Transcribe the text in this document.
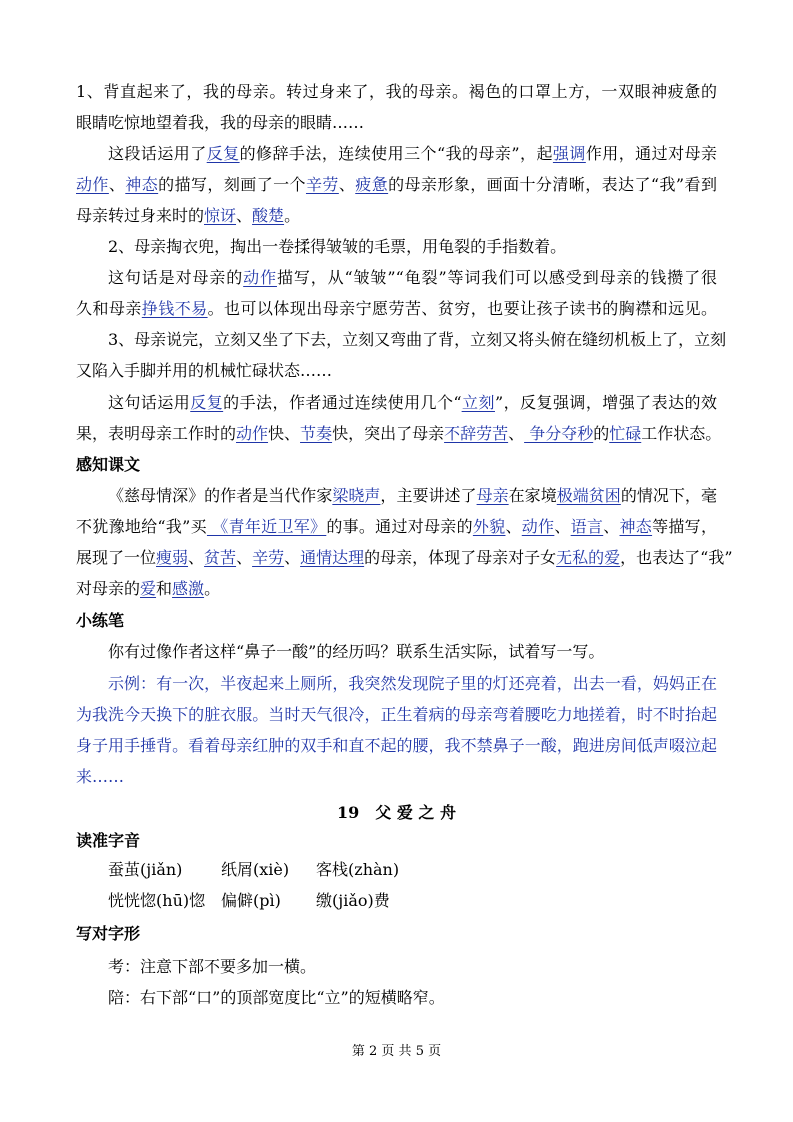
1、背直起来了，我的母亲。转过身来了，我的母亲。褐色的口罩上方，一双眼神疲惫的
眼睛吃惊地望着我，我的母亲的眼睛……
这段话运用了反复的修辞手法，连续使用三个“我的母亲”，起强调作用，通过对母亲
动作、神态的描写，刻画了一个辛劳、疲惫的母亲形象，画面十分清晰，表达了“我”看到
母亲转过身来时的惊讶、酸楚。
2、母亲掏衣兜，掏出一卷揉得皱皱的毛票，用龟裂的手指数着。
这句话是对母亲的动作描写，从“皱皱”“龟裂”等词我们可以感受到母亲的钱攒了很
久和母亲挣钱不易。也可以体现出母亲宁愿劳苦、贫穷，也要让孩子读书的胸襟和远见。
3、母亲说完，立刻又坐了下去，立刻又弯曲了背，立刻又将头俯在缝纫机板上了，立刻
又陷入手脚并用的机械忙碌状态……
这句话运用反复的手法，作者通过连续使用几个“立刻”，反复强调，增强了表达的效
果，表明母亲工作时的动作快、节奏快，突出了母亲不辞劳苦、 争分夺秒的忙碌工作状态。
感知课文
《慈母情深》的作者是当代作家梁晓声，主要讲述了母亲在家境极端贫困的情况下，毫
不犹豫地给“我”买 《青年近卫军》的事。通过对母亲的外貌、动作、语言、神态等描写，
展现了一位瘦弱、贫苦、辛劳、通情达理的母亲，体现了母亲对子女无私的爱，也表达了“我”
对母亲的爱和感激。
小练笔
你有过像作者这样“鼻子一酸”的经历吗？联系生活实际，试着写一写。
示例：有一次，半夜起来上厕所，我突然发现院子里的灯还亮着，出去一看，妈妈正在
为我洗今天换下的脏衣服。当时天气很冷，正生着病的母亲弯着腰吃力地搓着，时不时抬起
身子用手捶背。看着母亲红肿的双手和直不起的腰，我不禁鼻子一酸，跑进房间低声啜泣起
来……
19　父 爱 之 舟
读准字音
蚕茧(jiǎn) 纸屑(xiè) 客栈(zhàn)
恍恍惚(hū)惚 偏僻(pì) 缴(jiǎo)费
写对字形
考：注意下部不要多加一横。
陪：右下部“口”的顶部宽度比“立”的短横略窄。
第 2 页 共 5 页
